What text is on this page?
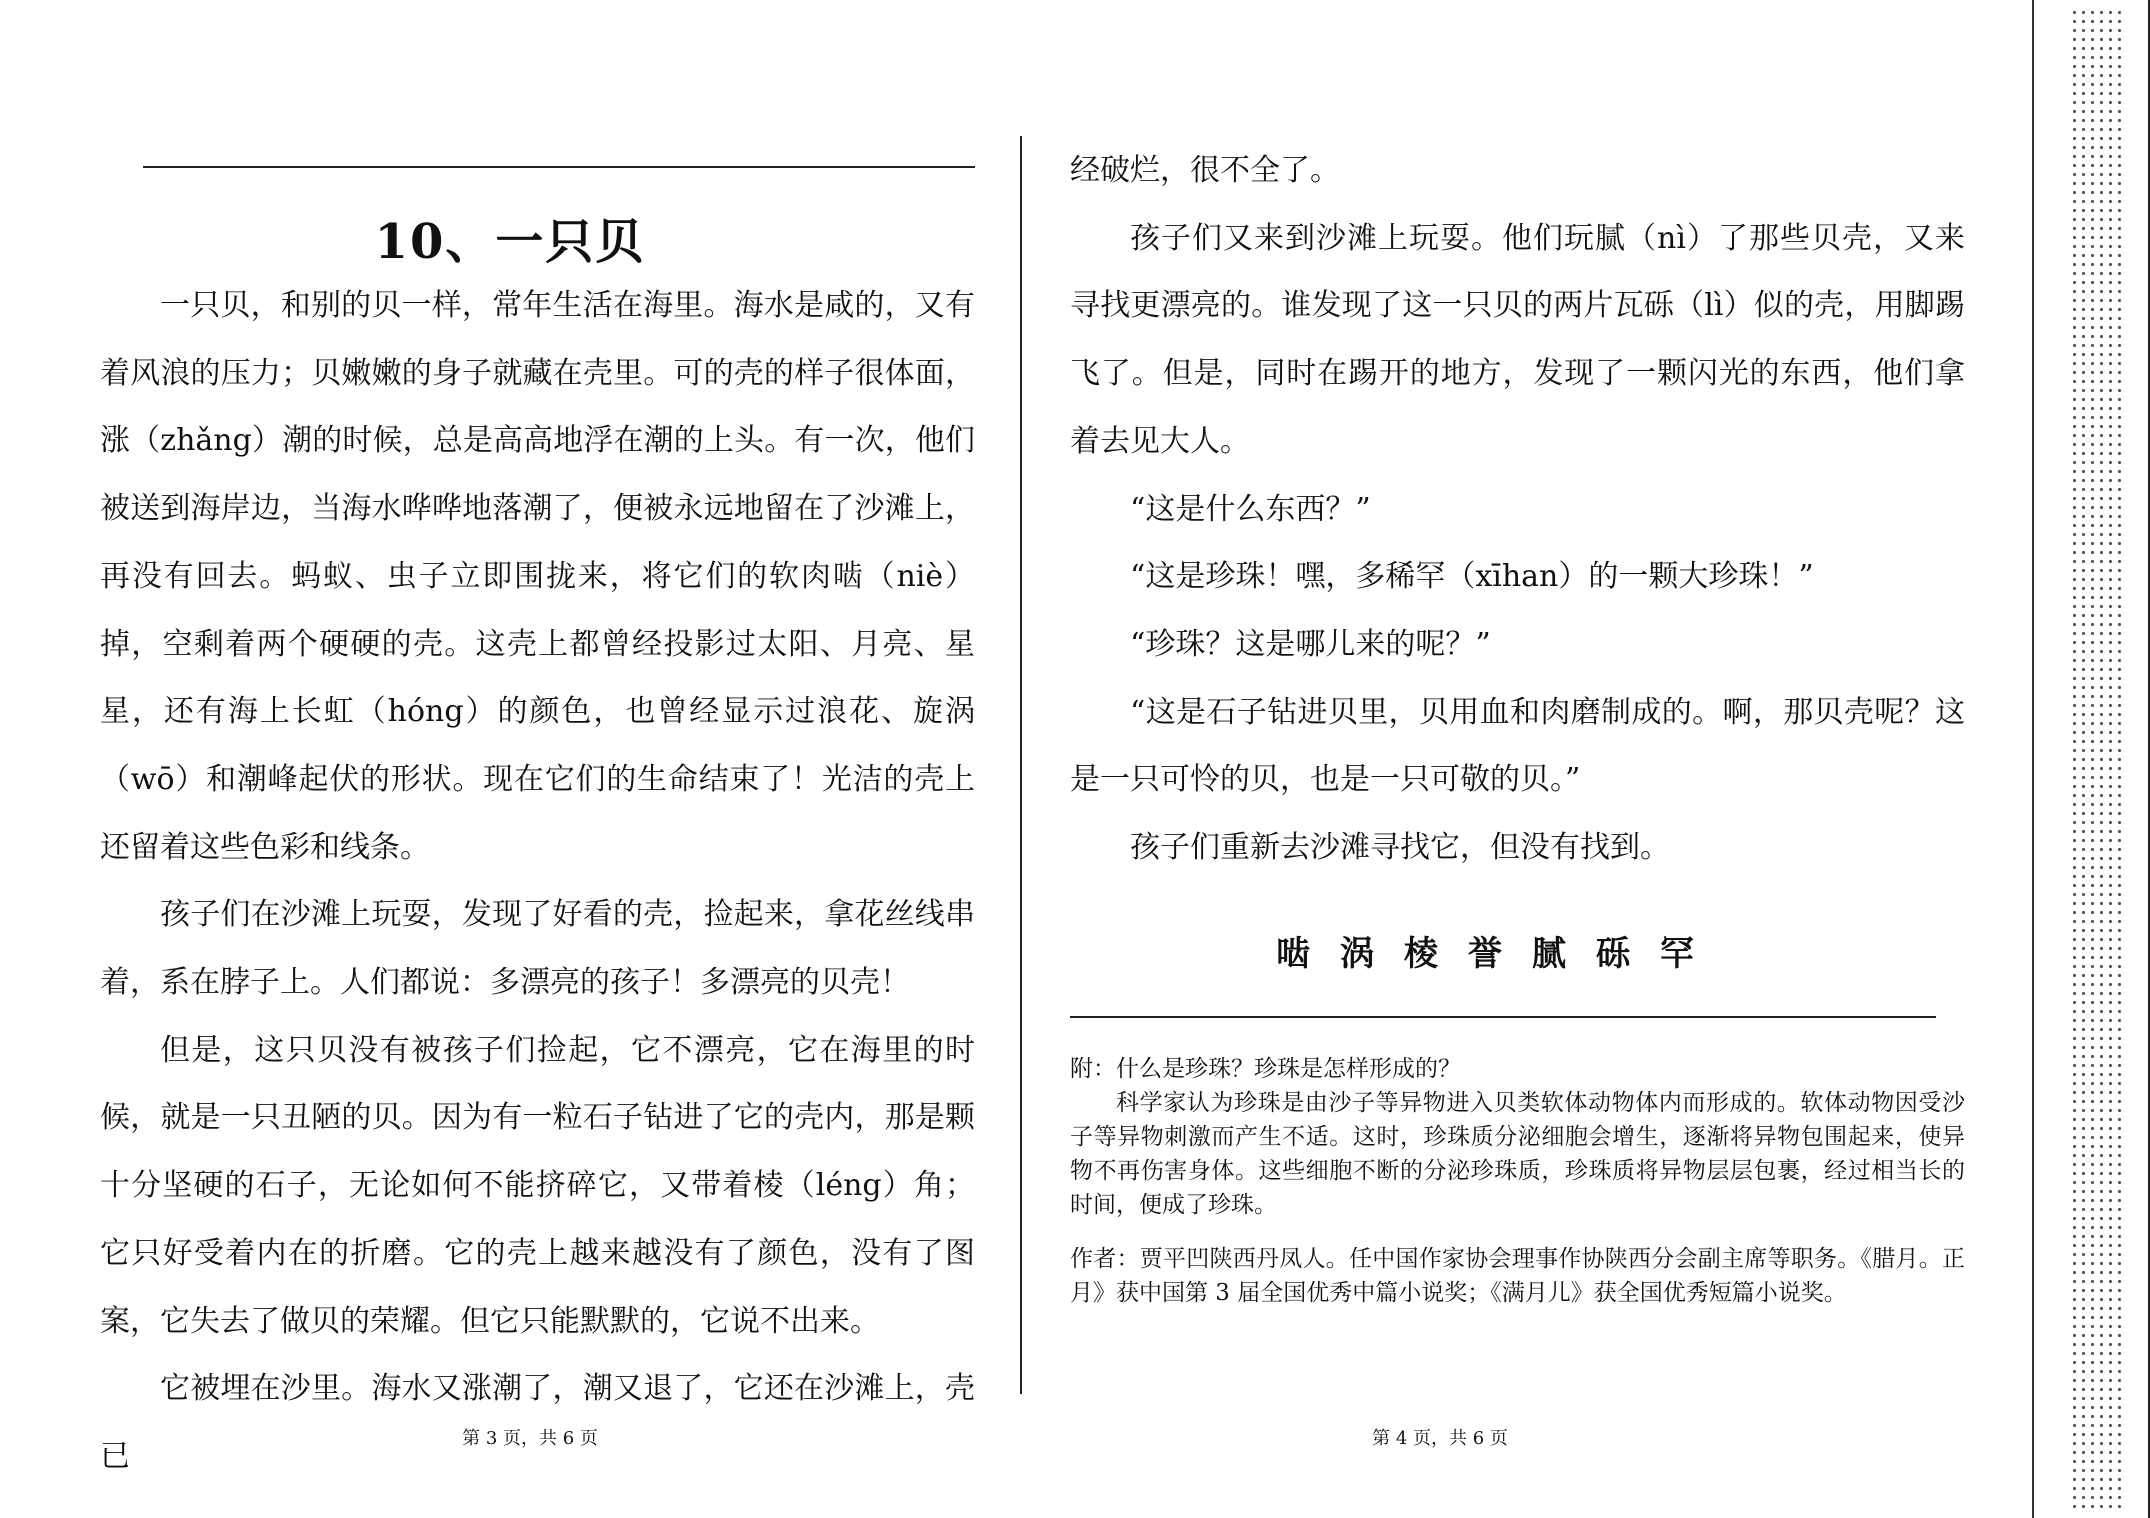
10、一只贝

一只贝，和别的贝一样，常年生活在海里。海水是咸的，又有着风浪的压力；贝嫩嫩的身子就藏在壳里。可的壳的样子很体面，涨（zhǎng）潮的时候，总是高高地浮在潮的上头。有一次，他们被送到海岸边，当海水哗哗地落潮了，便被永远地留在了沙滩上，再没有回去。蚂蚁、虫子立即围拢来，将它们的软肉啮（niè）掉，空剩着两个硬硬的壳。这壳上都曾经投影过太阳、月亮、星星，还有海上长虹（hóng）的颜色，也曾经显示过浪花、旋涡（wō）和潮峰起伏的形状。现在它们的生命结束了！光洁的壳上还留着这些色彩和线条。

孩子们在沙滩上玩耍，发现了好看的壳，捡起来，拿花丝线串着，系在脖子上。人们都说：多漂亮的孩子！多漂亮的贝壳！

但是，这只贝没有被孩子们捡起，它不漂亮，它在海里的时候，就是一只丑陋的贝。因为有一粒石子钻进了它的壳内，那是颗十分坚硬的石子，无论如何不能挤碎它，又带着棱（léng）角；它只好受着内在的折磨。它的壳上越来越没有了颜色，没有了图案，它失去了做贝的荣耀。但它只能默默的，它说不出来。

它被埋在沙里。海水又涨潮了，潮又退了，它还在沙滩上，壳已

第 3 页，共 6 页

经破烂，很不全了。

孩子们又来到沙滩上玩耍。他们玩腻（nì）了那些贝壳，又来寻找更漂亮的。谁发现了这一只贝的两片瓦砾（lì）似的壳，用脚踢飞了。但是，同时在踢开的地方，发现了一颗闪光的东西，他们拿着去见大人。

“这是什么东西？”

“这是珍珠！嘿，多稀罕（xīhan）的一颗大珍珠！”

“珍珠？这是哪儿来的呢？”

“这是石子钻进贝里，贝用血和肉磨制成的。啊，那贝壳呢？这是一只可怜的贝，也是一只可敬的贝。”

孩子们重新去沙滩寻找它，但没有找到。

啮涡棱誉腻砾罕

附：什么是珍珠？珍珠是怎样形成的？

科学家认为珍珠是由沙子等异物进入贝类软体动物体内而形成的。软体动物因受沙子等异物刺激而产生不适。这时，珍珠质分泌细胞会增生，逐渐将异物包围起来，使异物不再伤害身体。这些细胞不断的分泌珍珠质，珍珠质将异物层层包裹，经过相当长的时间，便成了珍珠。

作者：贾平凹陕西丹凤人。任中国作家协会理事作协陕西分会副主席等职务。《腊月。正月》获中国第 3 届全国优秀中篇小说奖；《满月儿》获全国优秀短篇小说奖。

第 4 页，共 6 页
